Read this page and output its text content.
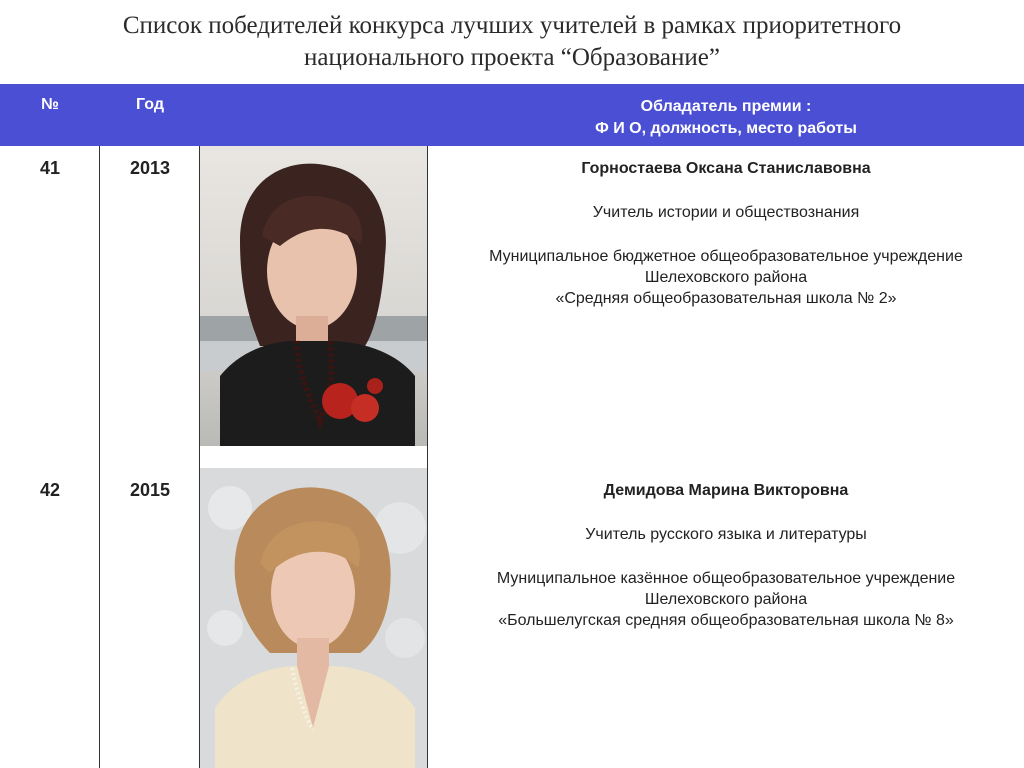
Список победителей конкурса лучших учителей в рамках приоритетного
национального проекта “Образование”
№	Год	Обладатель премии :
Ф И О, должность, место работы
41	2013	Горностаева Оксана Станиславовна
Учитель истории и обществознания
Муниципальное бюджетное общеобразовательное учреждение
Шелеховского района
«Средняя общеобразовательная школа № 2»
42	2015	Демидова Марина Викторовна
Учитель русского языка и литературы
Муниципальное казённое общеобразовательное учреждение
Шелеховского района
«Большелугская средняя общеобразовательная школа № 8»
